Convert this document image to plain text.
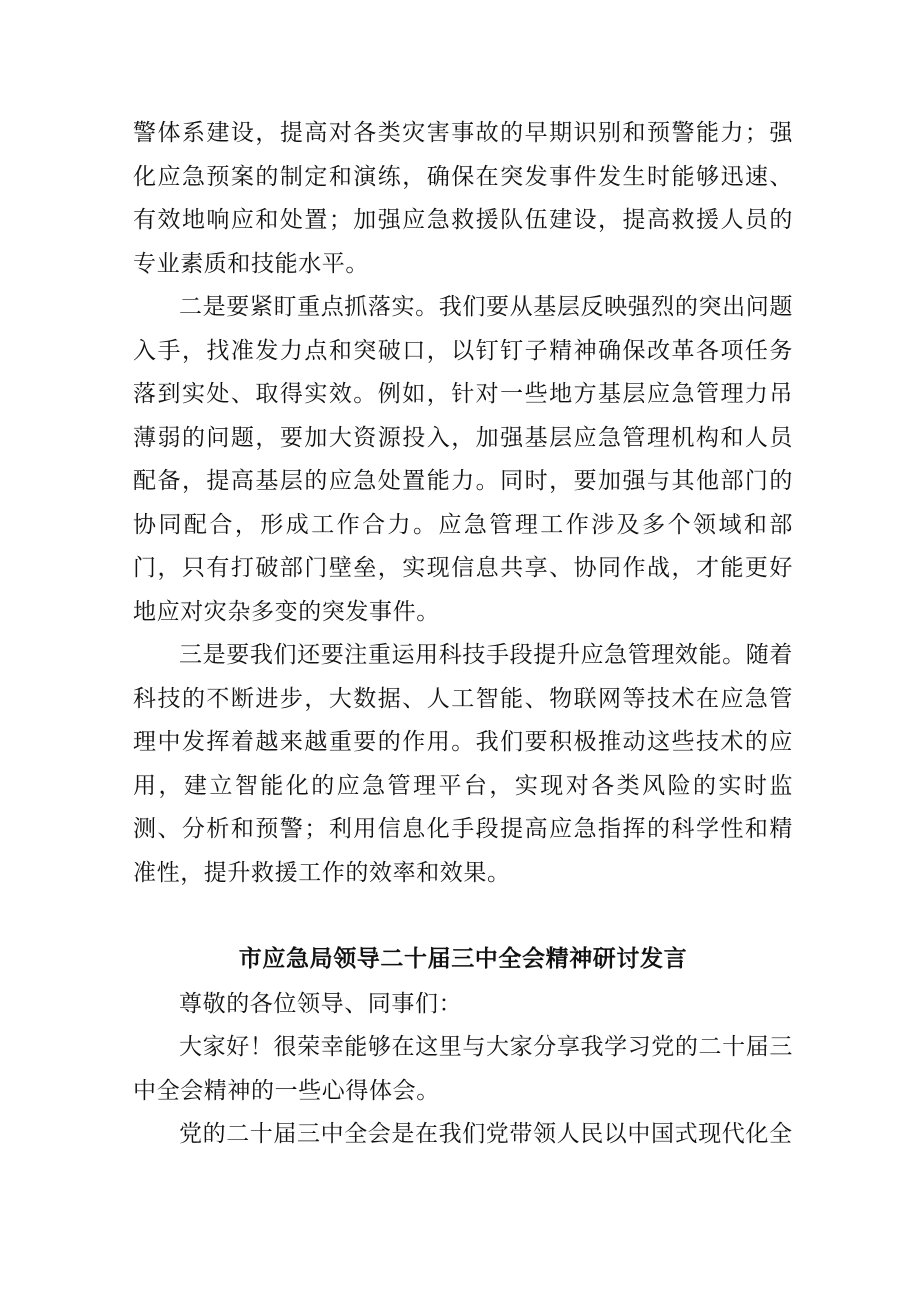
警体系建设，提高对各类灾害事故的早期识别和预警能力；强化应急预案的制定和演练，确保在突发事件发生时能够迅速、有效地响应和处置；加强应急救援队伍建设，提高救援人员的专业素质和技能水平。

二是要紧盯重点抓落实。我们要从基层反映强烈的突出问题入手，找准发力点和突破口，以钉钉子精神确保改革各项任务落到实处、取得实效。例如，针对一些地方基层应急管理力吊薄弱的问题，要加大资源投入，加强基层应急管理机构和人员配备，提高基层的应急处置能力。同时，要加强与其他部门的协同配合，形成工作合力。应急管理工作涉及多个领域和部门，只有打破部门壁垒，实现信息共享、协同作战，才能更好地应对灾杂多变的突发事件。

三是要我们还要注重运用科技手段提升应急管理效能。随着科技的不断进步，大数据、人工智能、物联网等技术在应急管理中发挥着越来越重要的作用。我们要积极推动这些技术的应用，建立智能化的应急管理平台，实现对各类风险的实时监测、分析和预警；利用信息化手段提高应急指挥的科学性和精准性，提升救援工作的效率和效果。

市应急局领导二十届三中全会精神研讨发言

尊敬的各位领导、同事们：

大家好！很荣幸能够在这里与大家分享我学习党的二十届三中全会精神的一些心得体会。

党的二十届三中全会是在我们党带领人民以中国式现代化全
